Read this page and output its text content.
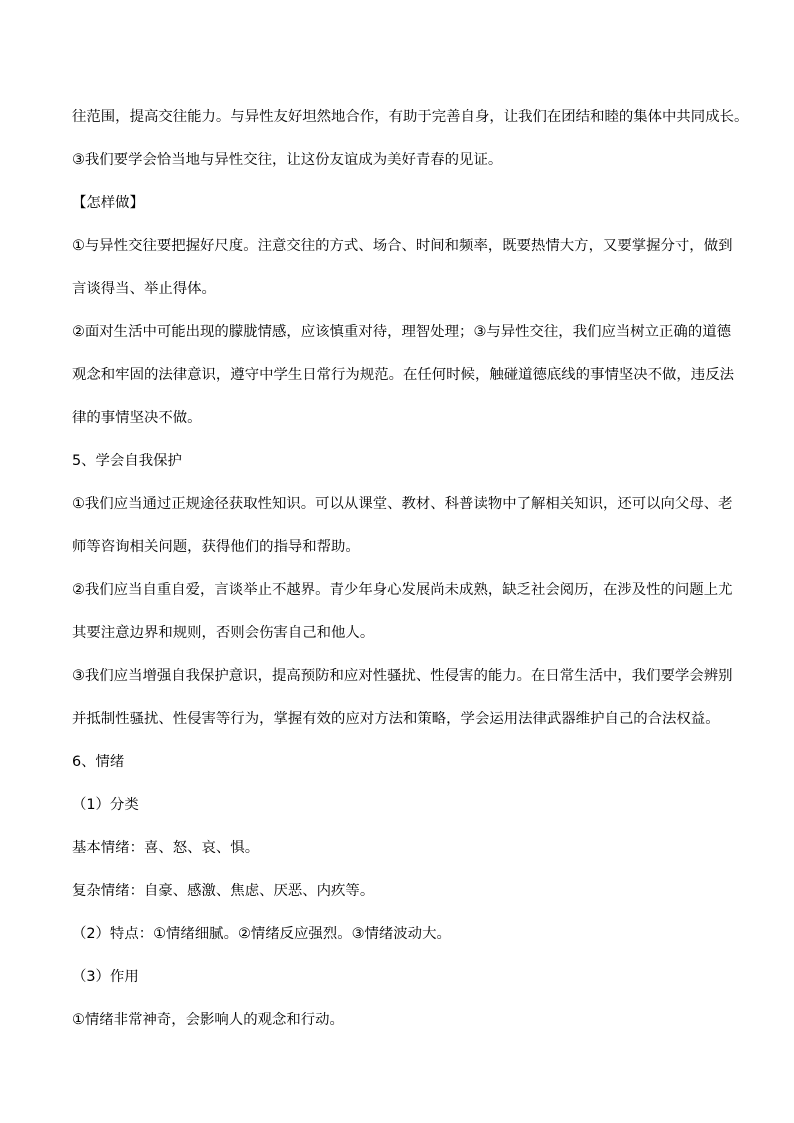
往范围，提高交往能力。与异性友好坦然地合作，有助于完善自身，让我们在团结和睦的集体中共同成长。
③我们要学会恰当地与异性交往，让这份友谊成为美好青春的见证。
【怎样做】
①与异性交往要把握好尺度。注意交往的方式、场合、时间和频率，既要热情大方，又要掌握分寸，做到
言谈得当、举止得体。
②面对生活中可能出现的朦胧情感，应该慎重对待，理智处理；③与异性交往，我们应当树立正确的道德
观念和牢固的法律意识，遵守中学生日常行为规范。在任何时候，触碰道德底线的事情坚决不做，违反法
律的事情坚决不做。
5、学会自我保护
①我们应当通过正规途径获取性知识。可以从课堂、教材、科普读物中了解相关知识，还可以向父母、老
师等咨询相关问题，获得他们的指导和帮助。
②我们应当自重自爱，言谈举止不越界。青少年身心发展尚未成熟，缺乏社会阅历，在涉及性的问题上尤
其要注意边界和规则，否则会伤害自己和他人。
③我们应当增强自我保护意识，提高预防和应对性骚扰、性侵害的能力。在日常生活中，我们要学会辨别
并抵制性骚扰、性侵害等行为，掌握有效的应对方法和策略，学会运用法律武器维护自己的合法权益。
6、情绪
（1）分类
基本情绪：喜、怒、哀、惧。
复杂情绪：自豪、感激、焦虑、厌恶、内疚等。
（2）特点：①情绪细腻。②情绪反应强烈。③情绪波动大。
（3）作用
①情绪非常神奇，会影响人的观念和行动。
